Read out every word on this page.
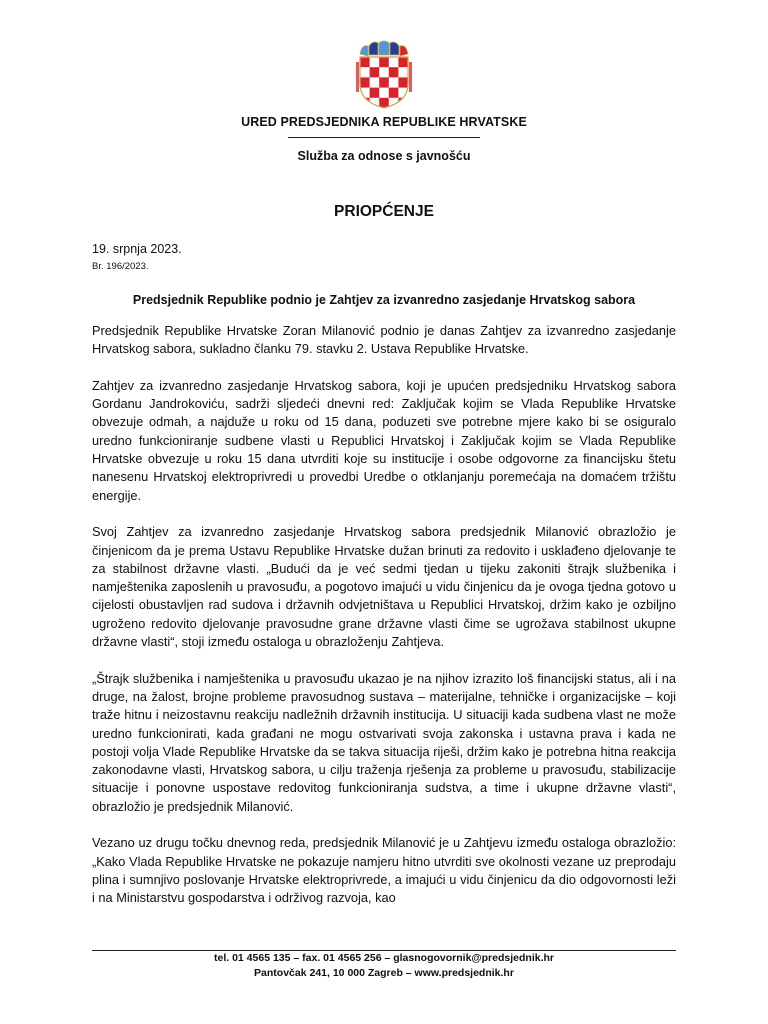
URED PREDSJEDNIKA REPUBLIKE HRVATSKE
Služba za odnose s javnošću
PRIOPĆENJE
19. srpnja 2023.
Br. 196/2023.
Predsjednik Republike podnio je Zahtjev za izvanredno zasjedanje Hrvatskog sabora

Predsjednik Republike Hrvatske Zoran Milanović podnio je danas Zahtjev za izvanredno zasjedanje Hrvatskog sabora, sukladno članku 79. stavku 2. Ustava Republike Hrvatske.

Zahtjev za izvanredno zasjedanje Hrvatskog sabora, koji je upućen predsjedniku Hrvatskog sabora Gordanu Jandrokoviću, sadrži sljedeći dnevni red: Zaključak kojim se Vlada Republike Hrvatske obvezuje odmah, a najduže u roku od 15 dana, poduzeti sve potrebne mjere kako bi se osiguralo uredno funkcioniranje sudbene vlasti u Republici Hrvatskoj i Zaključak kojim se Vlada Republike Hrvatske obvezuje u roku 15 dana utvrditi koje su institucije i osobe odgovorne za financijsku štetu nanesenu Hrvatskoj elektroprivredi u provedbi Uredbe o otklanjanju poremećaja na domaćem tržištu energije.

Svoj Zahtjev za izvanredno zasjedanje Hrvatskog sabora predsjednik Milanović obrazložio je činjenicom da je prema Ustavu Republike Hrvatske dužan brinuti za redovito i usklađeno djelovanje te za stabilnost državne vlasti. „Budući da je već sedmi tjedan u tijeku zakoniti štrajk službenika i namještenika zaposlenih u pravosuđu, a pogotovo imajući u vidu činjenicu da je ovoga tjedna gotovo u cijelosti obustavljen rad sudova i državnih odvjetništava u Republici Hrvatskoj, držim kako je ozbiljno ugroženo redovito djelovanje pravosudne grane državne vlasti čime se ugrožava stabilnost ukupne državne vlasti“, stoji između ostaloga u obrazloženju Zahtjeva.

„Štrajk službenika i namještenika u pravosuđu ukazao je na njihov izrazito loš financijski status, ali i na druge, na žalost, brojne probleme pravosudnog sustava – materijalne, tehničke i organizacijske – koji traže hitnu i neizostavnu reakciju nadležnih državnih institucija. U situaciji kada sudbena vlast ne može uredno funkcionirati, kada građani ne mogu ostvarivati svoja zakonska i ustavna prava i kada ne postoji volja Vlade Republike Hrvatske da se takva situacija riješi, držim kako je potrebna hitna reakcija zakonodavne vlasti, Hrvatskog sabora, u cilju traženja rješenja za probleme u pravosuđu, stabilizacije situacije i ponovne uspostave redovitog funkcioniranja sudstva, a time i ukupne državne vlasti“, obrazložio je predsjednik Milanović.

Vezano uz drugu točku dnevnog reda, predsjednik Milanović je u Zahtjevu između ostaloga obrazložio: „Kako Vlada Republike Hrvatske ne pokazuje namjeru hitno utvrditi sve okolnosti vezane uz preprodaju plina i sumnjivo poslovanje Hrvatske elektroprivrede, a imajući u vidu činjenicu da dio odgovornosti leži i na Ministarstvu gospodarstva i održivog razvoja, kao

tel. 01 4565 135 – fax. 01 4565 256 – glasnogovornik@predsjednik.hr
Pantovčak 241, 10 000 Zagreb – www.predsjednik.hr
